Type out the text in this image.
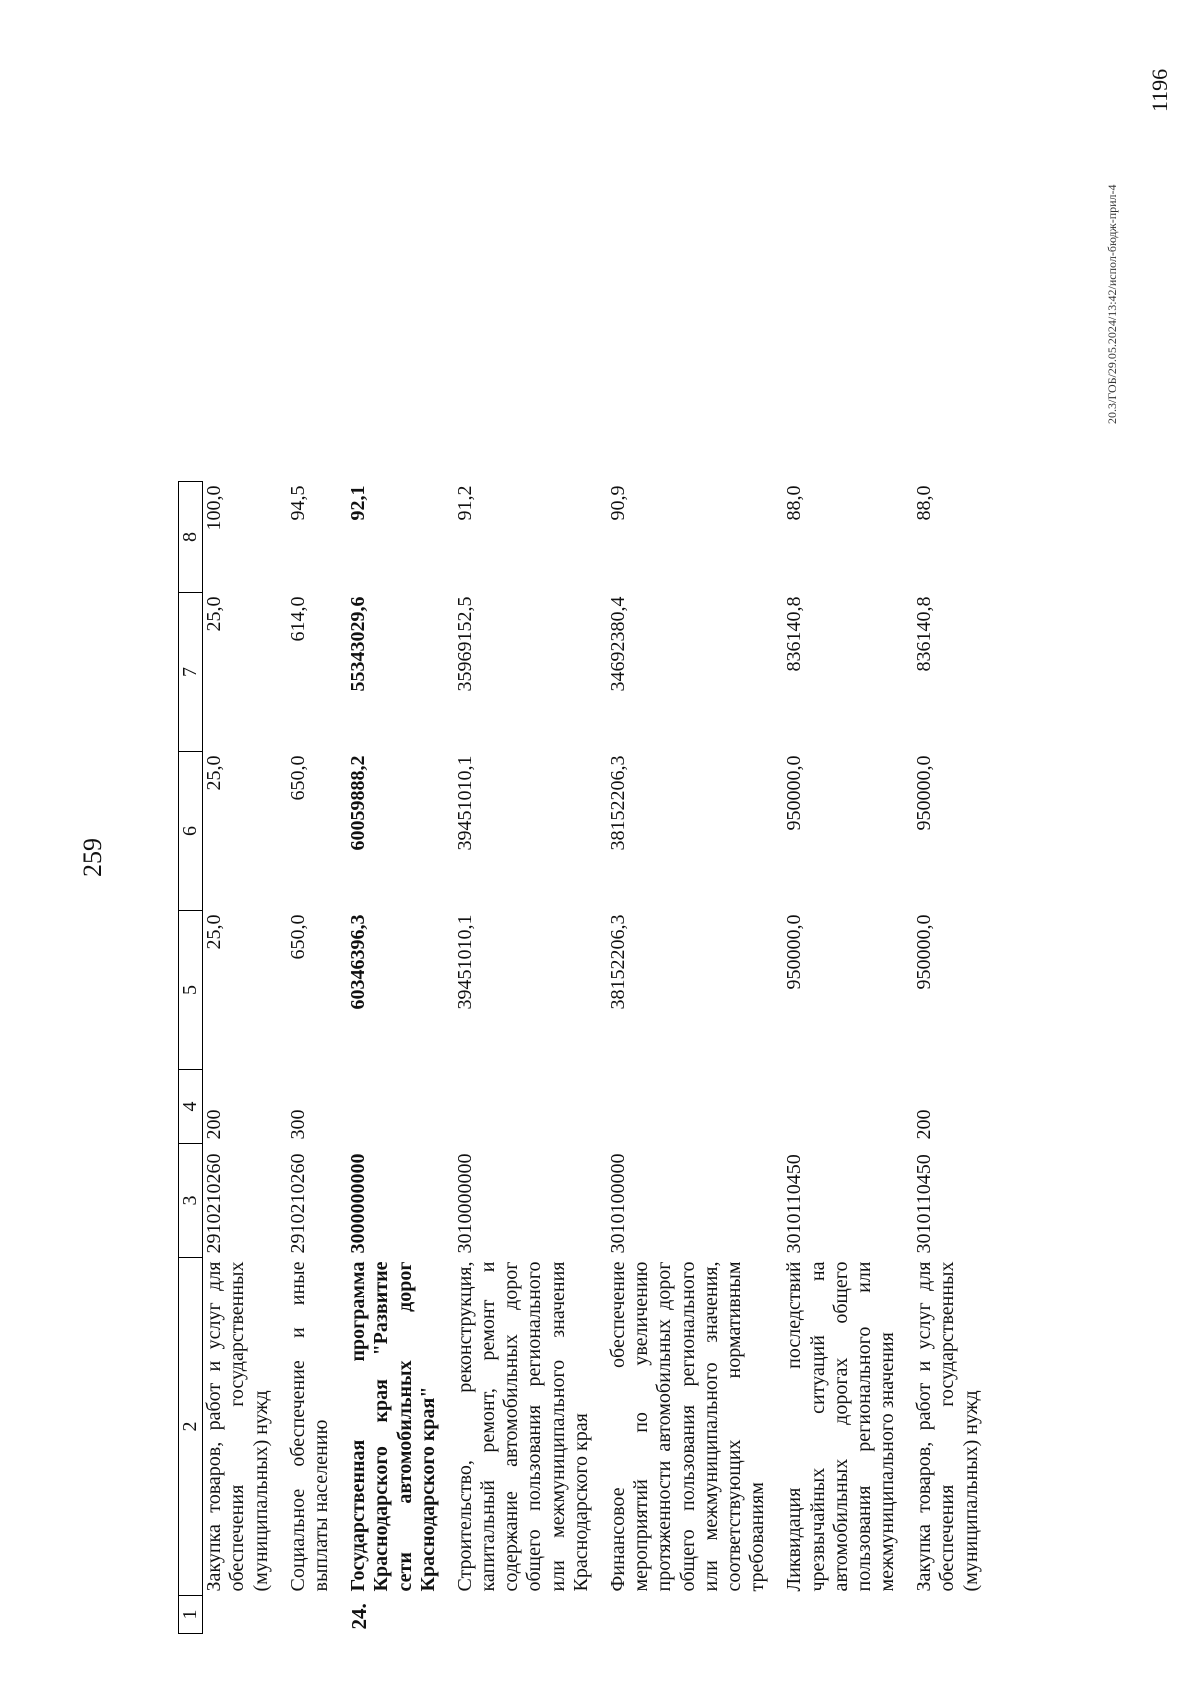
259
1	2	3	4	5	6	7	8
	Закупка товаров, работ и услуг для обеспечения государственных (муниципальных) нужд	2910210260	200	25,0	25,0	25,0	100,0
	Социальное обеспечение и иные выплаты населению	2910210260	300	650,0	650,0	614,0	94,5
24.	Государственная программа Краснодарского края "Развитие сети автомобильных дорог Краснодарского края"	3000000000		60346396,3	60059888,2	55343029,6	92,1
	Строительство, реконструкция, капитальный ремонт, ремонт и содержание автомобильных дорог общего пользования регионального или межмуниципального значения Краснодарского края	3010000000		39451010,1	39451010,1	35969152,5	91,2
	Финансовое обеспечение мероприятий по увеличению протяженности автомобильных дорог общего пользования регионального или межмуниципального значения, соответствующих нормативным требованиям	3010100000		38152206,3	38152206,3	34692380,4	90,9
	Ликвидация последствий чрезвычайных ситуаций на автомобильных дорогах общего пользования регионального или межмуниципального значения	3010110450		950000,0	950000,0	836140,8	88,0
	Закупка товаров, работ и услуг для обеспечения государственных (муниципальных) нужд	3010110450	200	950000,0	950000,0	836140,8	88,0
20.3/ГОБ/29.05.2024/13:42/испол-бюдж-прил-4
1196
